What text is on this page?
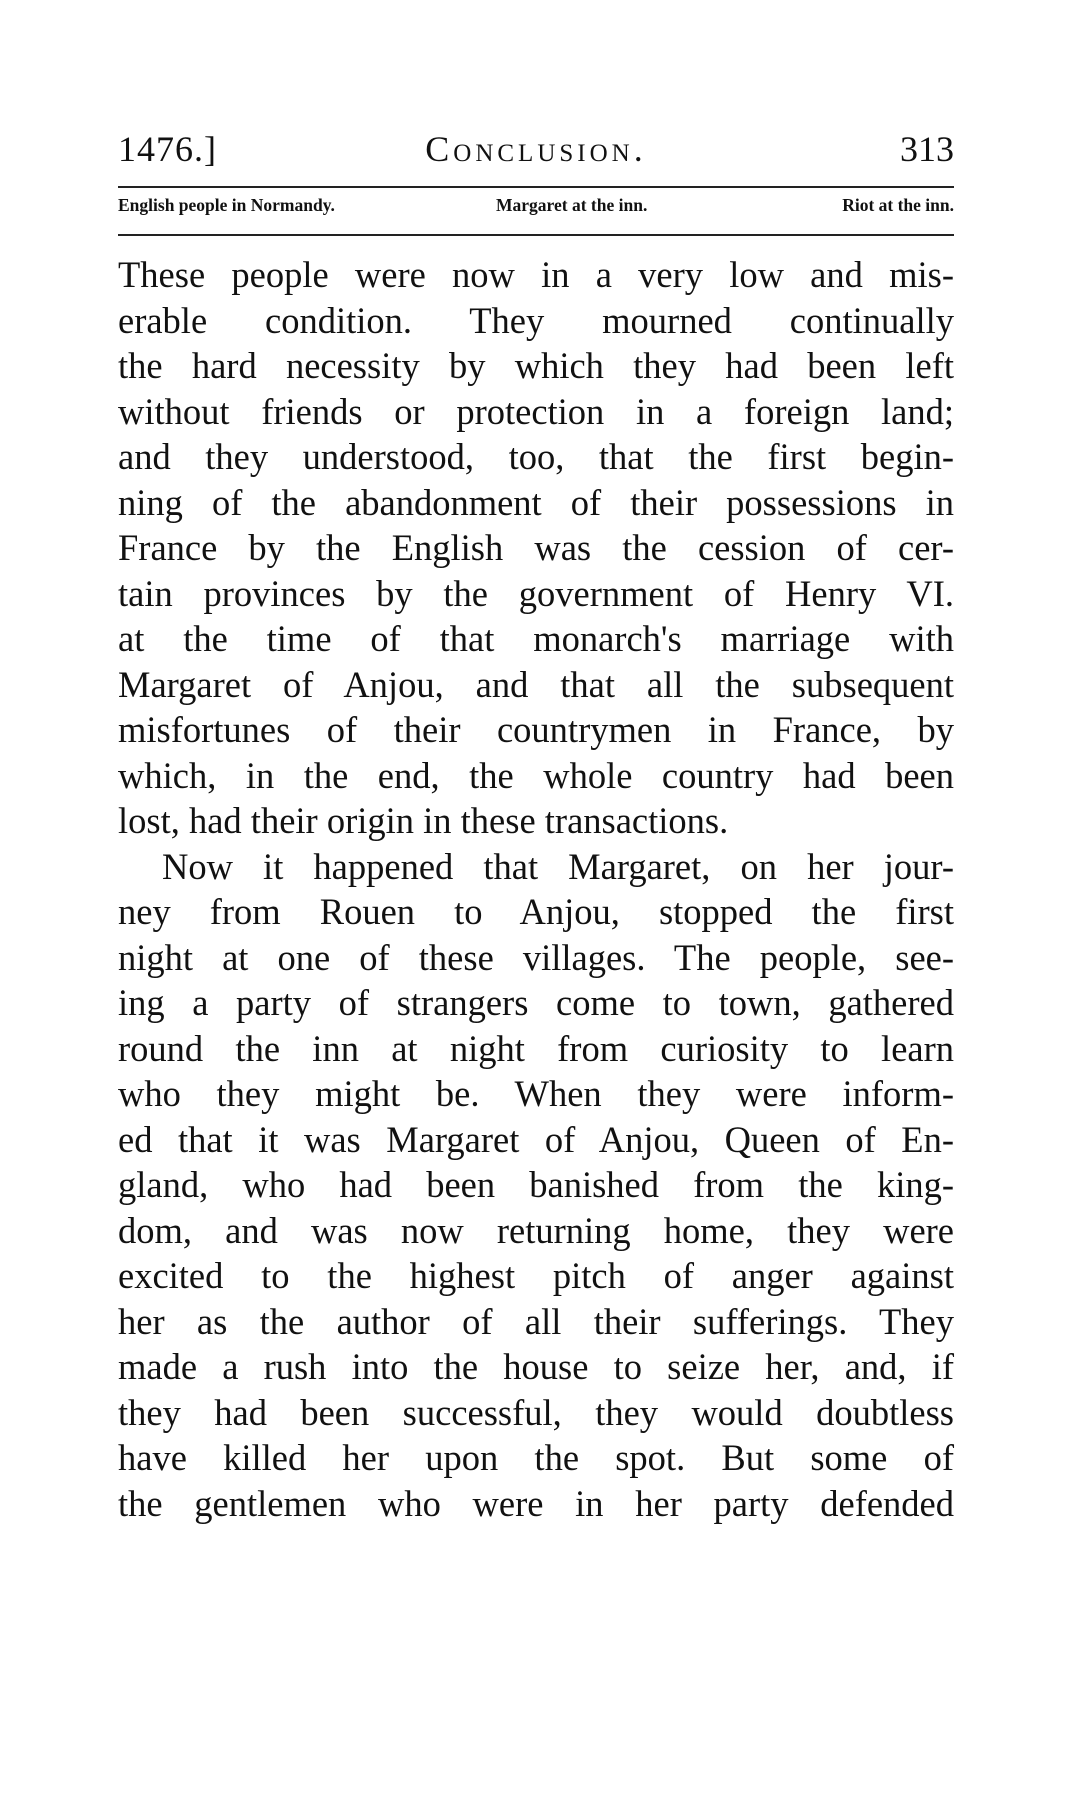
1476.]	Conclusion.	313
English people in Normandy.	Margaret at the inn.	Riot at the inn.
These people were now in a very low and mis-
erable condition. They mourned continually
the hard necessity by which they had been left
without friends or protection in a foreign land;
and they understood, too, that the first begin-
ning of the abandonment of their possessions in
France by the English was the cession of cer-
tain provinces by the government of Henry VI.
at the time of that monarch's marriage with
Margaret of Anjou, and that all the subsequent
misfortunes of their countrymen in France, by
which, in the end, the whole country had been
lost, had their origin in these transactions.
Now it happened that Margaret, on her jour-
ney from Rouen to Anjou, stopped the first
night at one of these villages. The people, see-
ing a party of strangers come to town, gathered
round the inn at night from curiosity to learn
who they might be. When they were inform-
ed that it was Margaret of Anjou, Queen of En-
gland, who had been banished from the king-
dom, and was now returning home, they were
excited to the highest pitch of anger against
her as the author of all their sufferings. They
made a rush into the house to seize her, and, if
they had been successful, they would doubtless
have killed her upon the spot. But some of
the gentlemen who were in her party defended
